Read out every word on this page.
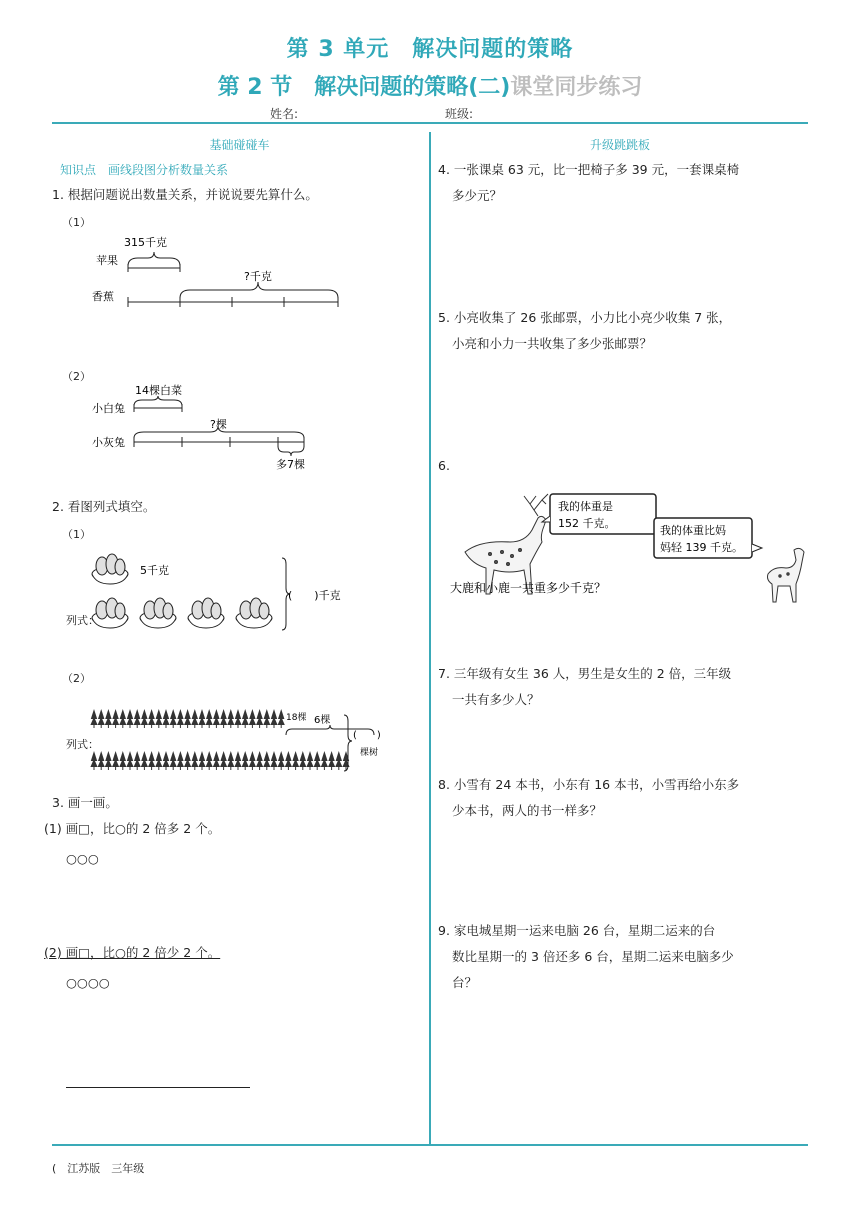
第 3 单元　解决问题的策略
第 2 节　解决问题的策略(二)课堂同步练习
姓名:	班级:
基础碰碰车
知识点　画线段图分析数量关系
1. 根据问题说出数量关系，并说说要先算什么。
（1）
苹果
315千克
香蕉
?千克
（2）
14棵白菜
小白兔
?棵
小灰兔
多7棵
2. 看图列式填空。
（1）
5千克
(　　)千克
列式：
（2）
6棵
18棵
(　　)
棵树
列式：
3. 画一画。
(1) 画□，比○的 2 倍多 2 个。
○○○
(2) 画□，比○的 2 倍少 2 个。
○○○○
升级跳跳板
4. 一张课桌 63 元，比一把椅子多 39 元，一套课桌椅
多少元？
5. 小亮收集了 26 张邮票，小力比小亮少收集 7 张，
小亮和小力一共收集了多少张邮票？
6.
我的体重是
152 千克。
我的体重比妈
妈轻 139 千克。
大鹿和小鹿一共重多少千克？
7. 三年级有女生 36 人，男生是女生的 2 倍，三年级
一共有多少人？
8. 小雪有 24 本书，小东有 16 本书，小雪再给小东多
少本书，两人的书一样多？
9. 家电城星期一运来电脑 26 台，星期二运来的台
数比星期一的 3 倍还多 6 台，星期二运来电脑多少
台？
(　江苏版　三年级
